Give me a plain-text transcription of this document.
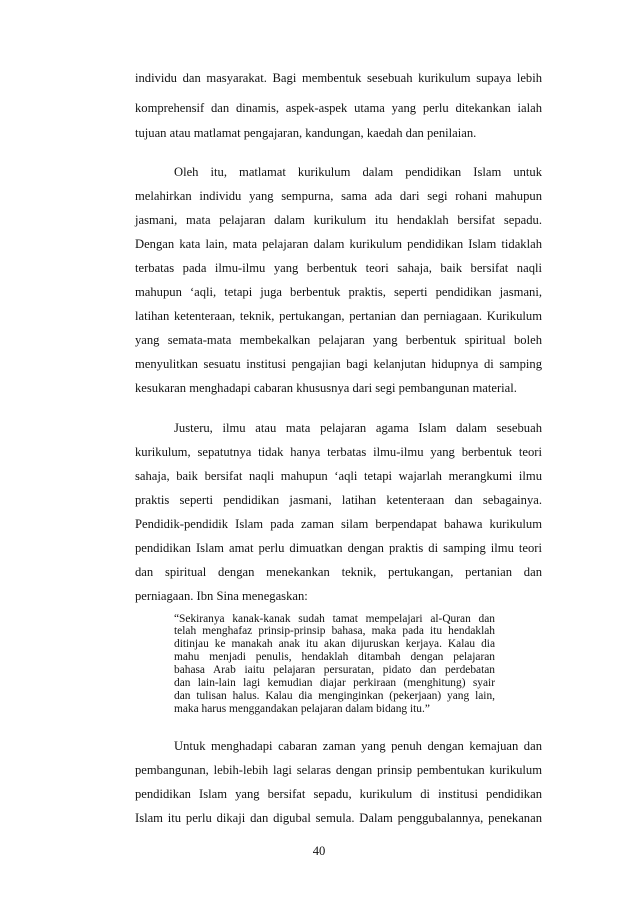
individu dan masyarakat. Bagi membentuk sesebuah kurikulum supaya lebih
komprehensif dan dinamis, aspek-aspek utama yang perlu ditekankan ialah
tujuan atau matlamat pengajaran, kandungan, kaedah dan penilaian.
Oleh itu, matlamat kurikulum dalam pendidikan Islam untuk
melahirkan individu yang sempurna, sama ada dari segi rohani mahupun
jasmani, mata pelajaran dalam kurikulum itu hendaklah bersifat sepadu.
Dengan kata lain, mata pelajaran dalam kurikulum pendidikan Islam tidaklah
terbatas pada ilmu-ilmu yang berbentuk teori sahaja, baik bersifat naqli
mahupun ‘aqli, tetapi juga berbentuk praktis, seperti pendidikan jasmani,
latihan ketenteraan, teknik, pertukangan, pertanian dan perniagaan. Kurikulum
yang semata-mata membekalkan pelajaran yang berbentuk spiritual boleh
menyulitkan sesuatu institusi pengajian bagi kelanjutan hidupnya di samping
kesukaran menghadapi cabaran khususnya dari segi pembangunan material.
Justeru, ilmu atau mata pelajaran agama Islam dalam sesebuah
kurikulum, sepatutnya tidak hanya terbatas ilmu-ilmu yang berbentuk teori
sahaja, baik bersifat naqli mahupun ‘aqli tetapi wajarlah merangkumi ilmu
praktis seperti pendidikan jasmani, latihan ketenteraan dan sebagainya.
Pendidik-pendidik Islam pada zaman silam berpendapat bahawa kurikulum
pendidikan Islam amat perlu dimuatkan dengan praktis di samping ilmu teori
dan spiritual dengan menekankan teknik, pertukangan, pertanian dan
perniagaan. Ibn Sina menegaskan:
“Sekiranya kanak-kanak sudah tamat mempelajari al-Quran dan
telah menghafaz prinsip-prinsip bahasa, maka pada itu hendaklah
ditinjau ke manakah anak itu akan dijuruskan kerjaya. Kalau dia
mahu menjadi penulis, hendaklah ditambah dengan pelajaran
bahasa Arab iaitu pelajaran persuratan, pidato dan perdebatan
dan lain-lain lagi kemudian diajar perkiraan (menghitung) syair
dan tulisan halus. Kalau dia menginginkan (pekerjaan) yang lain,
maka harus menggandakan pelajaran dalam bidang itu.”
Untuk menghadapi cabaran zaman yang penuh dengan kemajuan dan
pembangunan, lebih-lebih lagi selaras dengan prinsip pembentukan kurikulum
pendidikan Islam yang bersifat sepadu, kurikulum di institusi pendidikan
Islam itu perlu dikaji dan digubal semula. Dalam penggubalannya, penekanan
40
